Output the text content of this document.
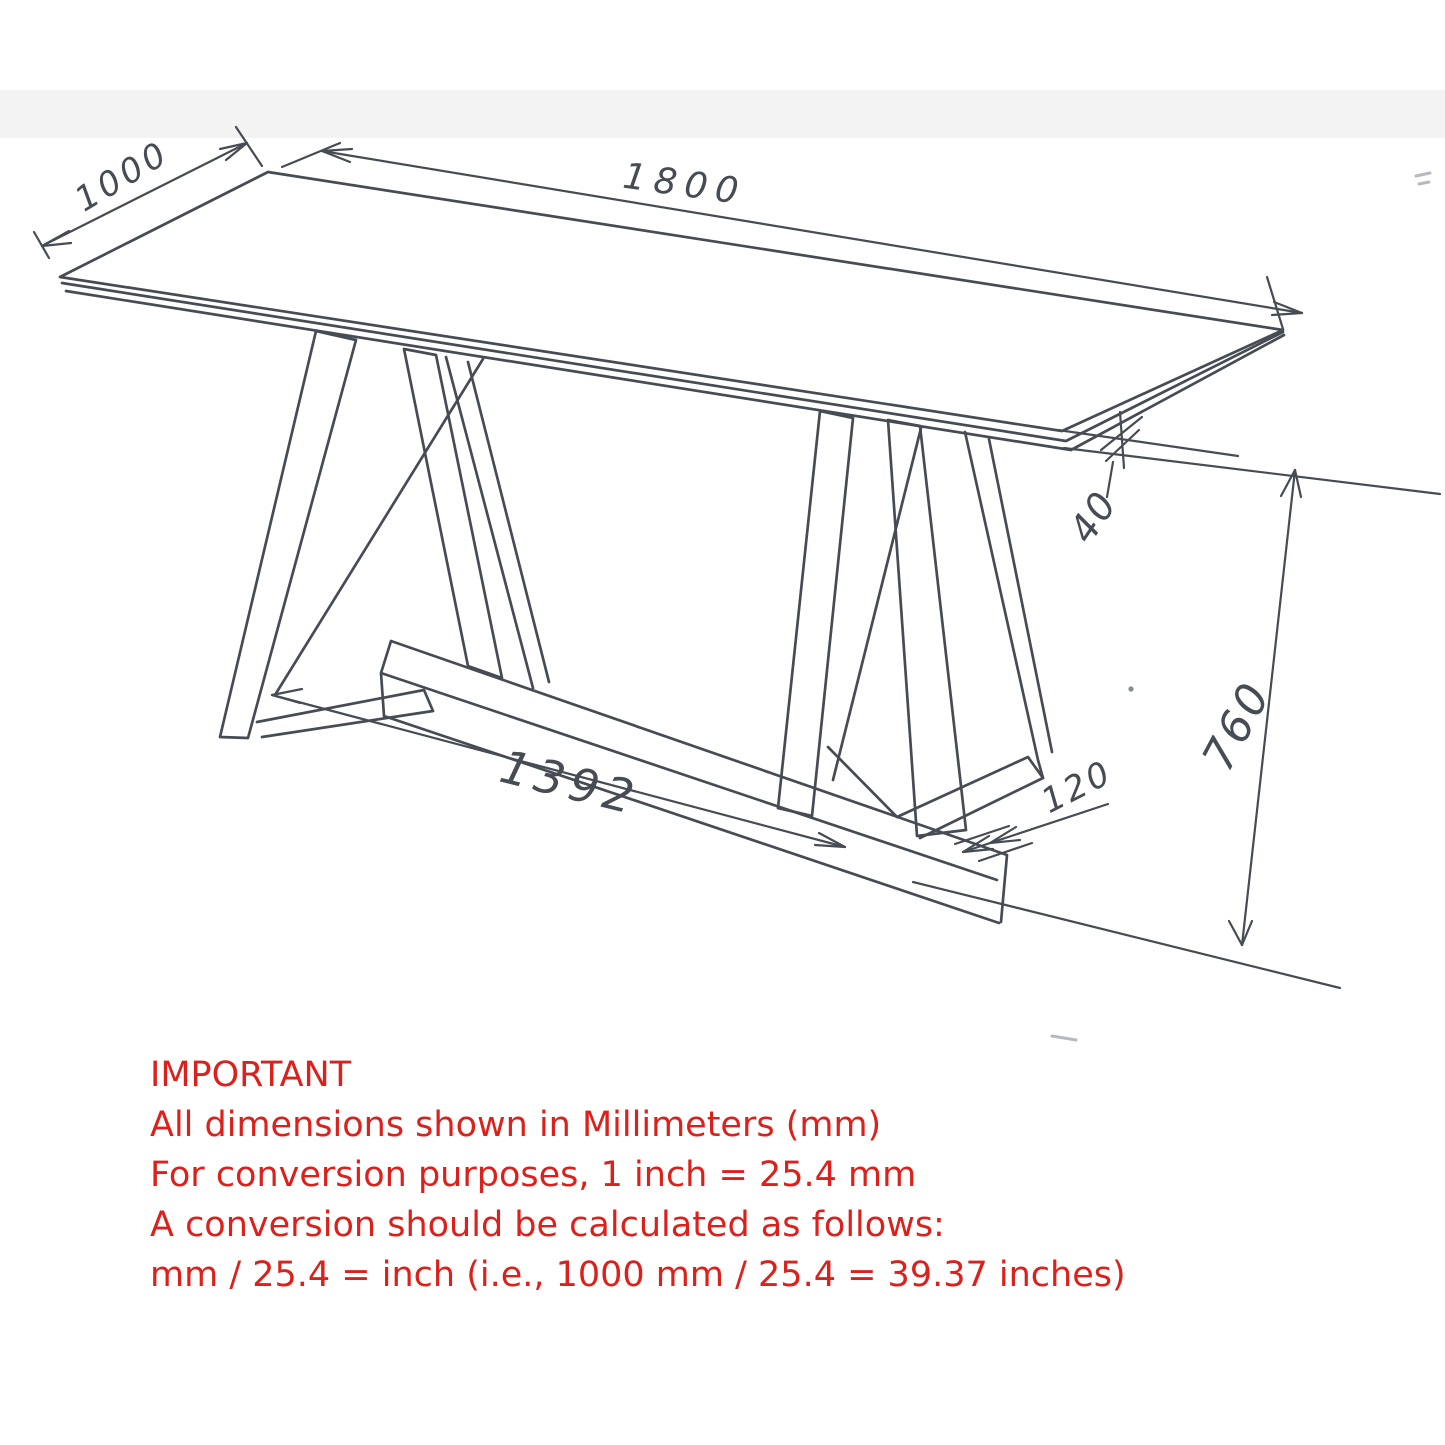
1000	1800
40
760
1392	120
IMPORTANT
All dimensions shown in Millimeters (mm)
For conversion purposes, 1 inch = 25.4 mm
A conversion should be calculated as follows:
mm / 25.4 = inch (i.e., 1000 mm / 25.4 = 39.37 inches)
